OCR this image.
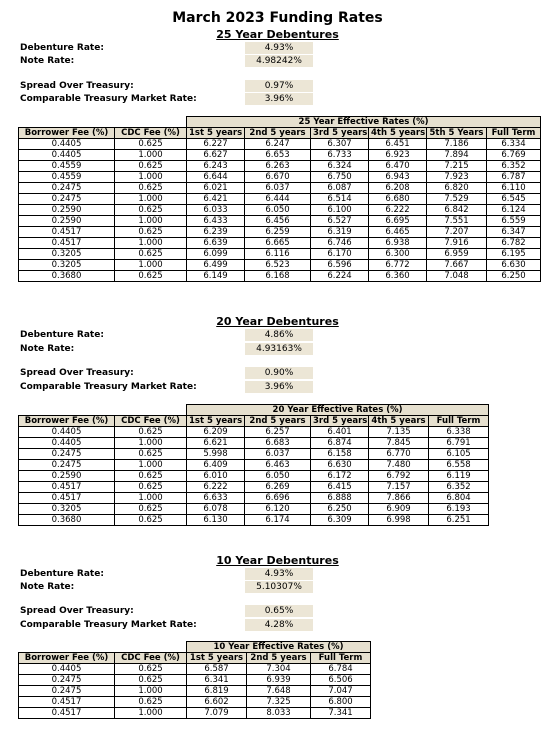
March 2023 Funding Rates
25 Year Debentures
Debenture Rate:	4.93%
Note Rate:	4.98242%
Spread Over Treasury:	0.97%
Comparable Treasury Market Rate:	3.96%
		25 Year Effective Rates (%)					
Borrower Fee (%)	CDC Fee (%)	1st 5 years	2nd 5 years	3rd 5 years	4th 5 years	5th 5 Years	Full Term
0.4405	0.625	6.227	6.247	6.307	6.451	7.186	6.334
0.4405	1.000	6.627	6.653	6.733	6.923	7.894	6.769
0.4559	0.625	6.243	6.263	6.324	6.470	7.215	6.352
0.4559	1.000	6.644	6.670	6.750	6.943	7.923	6.787
0.2475	0.625	6.021	6.037	6.087	6.208	6.820	6.110
0.2475	1.000	6.421	6.444	6.514	6.680	7.529	6.545
0.2590	0.625	6.033	6.050	6.100	6.222	6.842	6.124
0.2590	1.000	6.433	6.456	6.527	6.695	7.551	6.559
0.4517	0.625	6.239	6.259	6.319	6.465	7.207	6.347
0.4517	1.000	6.639	6.665	6.746	6.938	7.916	6.782
0.3205	0.625	6.099	6.116	6.170	6.300	6.959	6.195
0.3205	1.000	6.499	6.523	6.596	6.772	7.667	6.630
0.3680	0.625	6.149	6.168	6.224	6.360	7.048	6.250
20 Year Debentures
Debenture Rate:	4.86%
Note Rate:	4.93163%
Spread Over Treasury:	0.90%
Comparable Treasury Market Rate:	3.96%
		20 Year Effective Rates (%)				
Borrower Fee (%)	CDC Fee (%)	1st 5 years	2nd 5 years	3rd 5 years	4th 5 years	Full Term
0.4405	0.625	6.209	6.257	6.401	7.135	6.338
0.4405	1.000	6.621	6.683	6.874	7.845	6.791
0.2475	0.625	5.998	6.037	6.158	6.770	6.105
0.2475	1.000	6.409	6.463	6.630	7.480	6.558
0.2590	0.625	6.010	6.050	6.172	6.792	6.119
0.4517	0.625	6.222	6.269	6.415	7.157	6.352
0.4517	1.000	6.633	6.696	6.888	7.866	6.804
0.3205	0.625	6.078	6.120	6.250	6.909	6.193
0.3680	0.625	6.130	6.174	6.309	6.998	6.251
10 Year Debentures
Debenture Rate:	4.93%
Note Rate:	5.10307%
Spread Over Treasury:	0.65%
Comparable Treasury Market Rate:	4.28%
		10 Year Effective Rates (%)		
Borrower Fee (%)	CDC Fee (%)	1st 5 years	2nd 5 years	Full Term
0.4405	0.625	6.587	7.304	6.784
0.2475	0.625	6.341	6.939	6.506
0.2475	1.000	6.819	7.648	7.047
0.4517	0.625	6.602	7.325	6.800
0.4517	1.000	7.079	8.033	7.341
